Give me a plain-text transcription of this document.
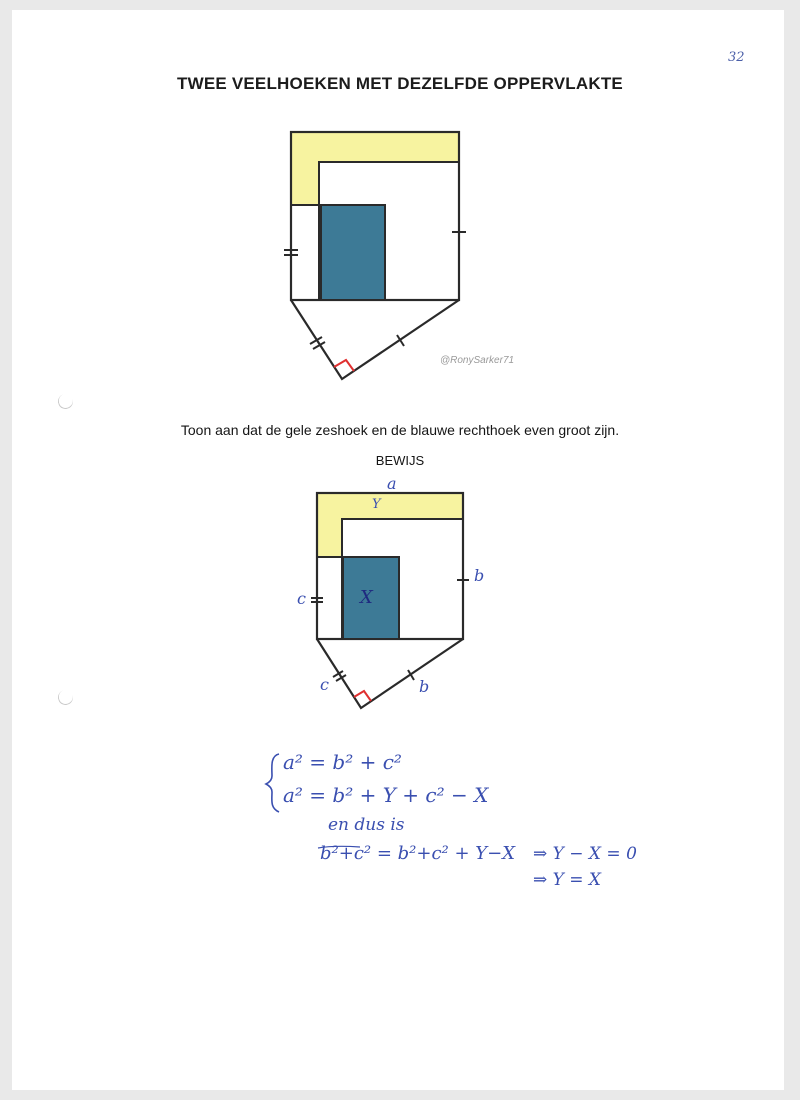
32
TWEE VEELHOEKEN MET DEZELFDE OPPERVLAKTE
@RonySarker71
Toon aan dat de gele zeshoek en de blauwe rechthoek even groot zijn.
BEWIJS
a
Y
X
c
b
c	b
a² = b² + c²
a² = b² + Y + c² − X
en dus is
b²+c² = b²+c² + Y−X ⇒ Y − X = 0
⇒ Y = X
